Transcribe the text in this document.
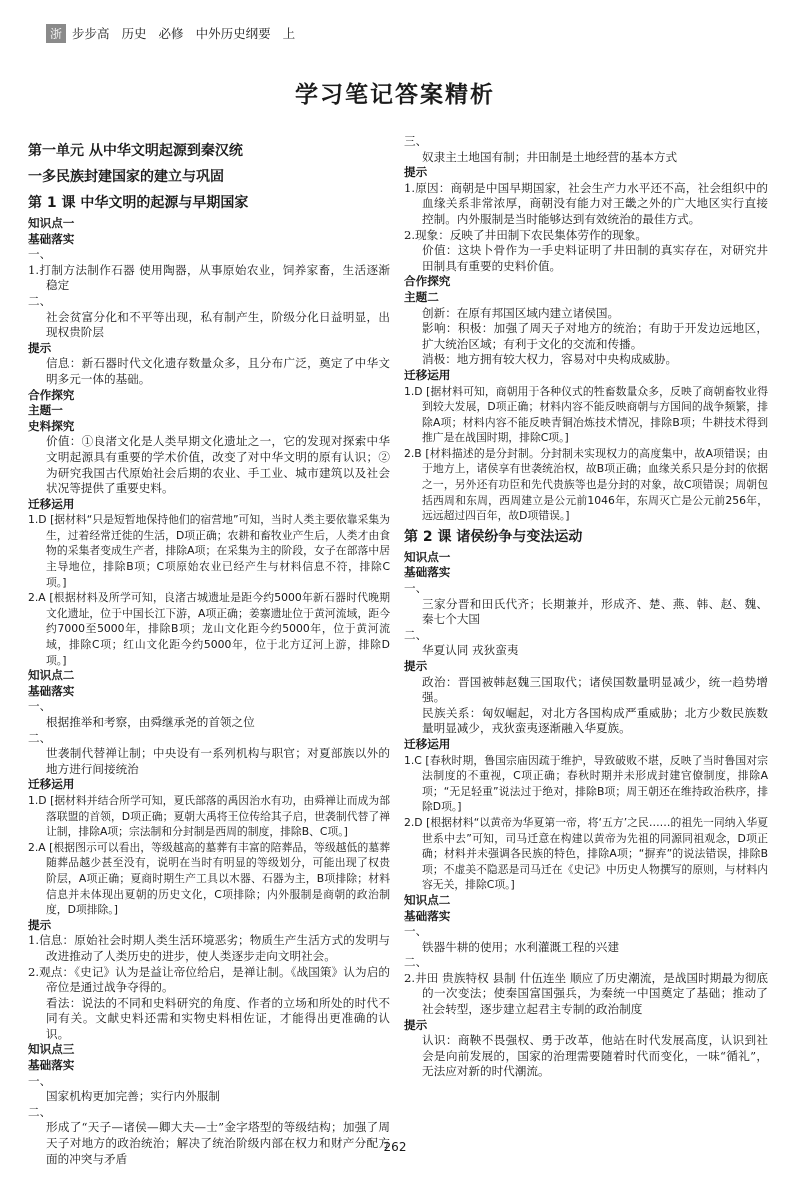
浙 步步高 历史 必修 中外历史纲要 上
学习笔记答案精析

第一单元 从中华文明起源到秦汉统

一多民族封建国家的建立与巩固

第 1 课 中华文明的起源与早期国家

知识点一

基础落实

一、

1.打制方法制作石器 使用陶器，从事原始农业，饲养家畜，生活逐渐稳定

二、

社会贫富分化和不平等出现，私有制产生，阶级分化日益明显，出现权贵阶层

提示

信息：新石器时代文化遗存数量众多，且分布广泛，奠定了中华文明多元一体的基础。

合作探究

主题一

史料探究

价值：①良渚文化是人类早期文化遗址之一，它的发现对探索中华文明起源具有重要的学术价值，改变了对中华文明的原有认识；②为研究我国古代原始社会后期的农业、手工业、城市建筑以及社会状况等提供了重要史料。

迁移运用

1.D [据材料“只是短暂地保持他们的宿营地”可知，当时人类主要依靠采集为生，过着经常迁徙的生活，D项正确；农耕和畜牧业产生后，人类才由食物的采集者变成生产者，排除A项；在采集为主的阶段，女子在部落中居主导地位，排除B项；C项原始农业已经产生与材料信息不符，排除C项。]

2.A [根据材料及所学可知，良渚古城遗址是距今约5000年新石器时代晚期文化遗址，位于中国长江下游，A项正确；姜寨遗址位于黄河流域，距今约7000至5000年，排除B项；龙山文化距今约5000年，位于黄河流域，排除C项；红山文化距今约5000年，位于北方辽河上游，排除D项。]

知识点二

基础落实

一、

根据推举和考察，由舜继承尧的首领之位

二、

世袭制代替禅让制；中央设有一系列机构与职官；对夏部族以外的地方进行间接统治

迁移运用

1.D [据材料并结合所学可知，夏氏部落的禹因治水有功，由舜禅让而成为部落联盟的首领，D项正确；夏朝大禹将王位传给其子启，世袭制代替了禅让制，排除A项；宗法制和分封制是西周的制度，排除B、C项。]

2.A [根据图示可以看出，等级越高的墓葬有丰富的陪葬品，等级越低的墓葬随葬品越少甚至没有，说明在当时有明显的等级划分，可能出现了权贵阶层，A项正确；夏商时期生产工具以木器、石器为主，B项排除；材料信息并未体现出夏朝的历史文化，C项排除；内外服制是商朝的政治制度，D项排除。]

提示

1.信息：原始社会时期人类生活环境恶劣；物质生产生活方式的发明与改进推动了人类历史的进步，使人类逐步走向文明社会。

2.观点：《史记》认为是益让帝位给启，是禅让制。《战国策》认为启的帝位是通过战争夺得的。

看法：说法的不同和史料研究的角度、作者的立场和所处的时代不同有关。文献史料还需和实物史料相佐证，才能得出更准确的认识。

知识点三

基础落实

一、

国家机构更加完善；实行内外服制

二、

形成了“天子—诸侯—卿大夫—士”金字塔型的等级结构；加强了周天子对地方的政治统治；解决了统治阶级内部在权力和财产分配方面的冲突与矛盾

三、

奴隶主土地国有制；井田制是土地经营的基本方式

提示

1.原因：商朝是中国早期国家，社会生产力水平还不高，社会组织中的血缘关系非常浓厚，商朝没有能力对王畿之外的广大地区实行直接控制。内外服制是当时能够达到有效统治的最佳方式。

2.现象：反映了井田制下农民集体劳作的现象。

价值：这块卜骨作为一手史料证明了井田制的真实存在，对研究井田制具有重要的史料价值。

合作探究

主题二

创新：在原有邦国区域内建立诸侯国。

影响：积极：加强了周天子对地方的统治；有助于开发边远地区，扩大统治区域；有利于文化的交流和传播。

消极：地方拥有较大权力，容易对中央构成威胁。

迁移运用

1.D [据材料可知，商朝用于各种仪式的牲畜数量众多，反映了商朝畜牧业得到较大发展，D项正确；材料内容不能反映商朝与方国间的战争频繁，排除A项；材料内容不能反映青铜冶炼技术情况，排除B项；牛耕技术得到推广是在战国时期，排除C项。]

2.B [材料描述的是分封制。分封制未实现权力的高度集中，故A项错误；由于地方上，诸侯享有世袭统治权，故B项正确；血缘关系只是分封的依据之一，另外还有功臣和先代贵族等也是分封的对象，故C项错误；周朝包括西周和东周，西周建立是公元前1046年，东周灭亡是公元前256年，远远超过四百年，故D项错误。]

第 2 课 诸侯纷争与变法运动

知识点一

基础落实

一、

三家分晋和田氏代齐；长期兼并，形成齐、楚、燕、韩、赵、魏、秦七个大国

二、

华夏认同 戎狄蛮夷

提示

政治：晋国被韩赵魏三国取代；诸侯国数量明显减少，统一趋势增强。

民族关系：匈奴崛起，对北方各国构成严重威胁；北方少数民族数量明显减少，戎狄蛮夷逐渐融入华夏族。

迁移运用

1.C [春秋时期，鲁国宗庙因疏于维护，导致破败不堪，反映了当时鲁国对宗法制度的不重视，C项正确；春秋时期并未形成封建官僚制度，排除A项；“无足轻重”说法过于绝对，排除B项；周王朝还在维持政治秩序，排除D项。]

2.D [根据材料“以黄帝为华夏第一帝，将‘五方’之民……的祖先一同纳入华夏世系中去”可知，司马迁意在构建以黄帝为先祖的同源同祖观念，D项正确；材料并未强调各民族的特色，排除A项；“摒弃”的说法错误，排除B项；不虚美不隐恶是司马迁在《史记》中历史人物撰写的原则，与材料内容无关，排除C项。]

知识点二

基础落实

一、

铁器牛耕的使用；水利灌溉工程的兴建

二、

2.井田 贵族特权 县制 什伍连坐 顺应了历史潮流，是战国时期最为彻底的一次变法；使秦国富国强兵，为秦统一中国奠定了基础；推动了社会转型，逐步建立起君主专制的政治制度

提示

认识：商鞅不畏强权、勇于改革，他站在时代发展高度，认识到社会是向前发展的，国家的治理需要随着时代而变化，一味“循礼”，无法应对新的时代潮流。

262
